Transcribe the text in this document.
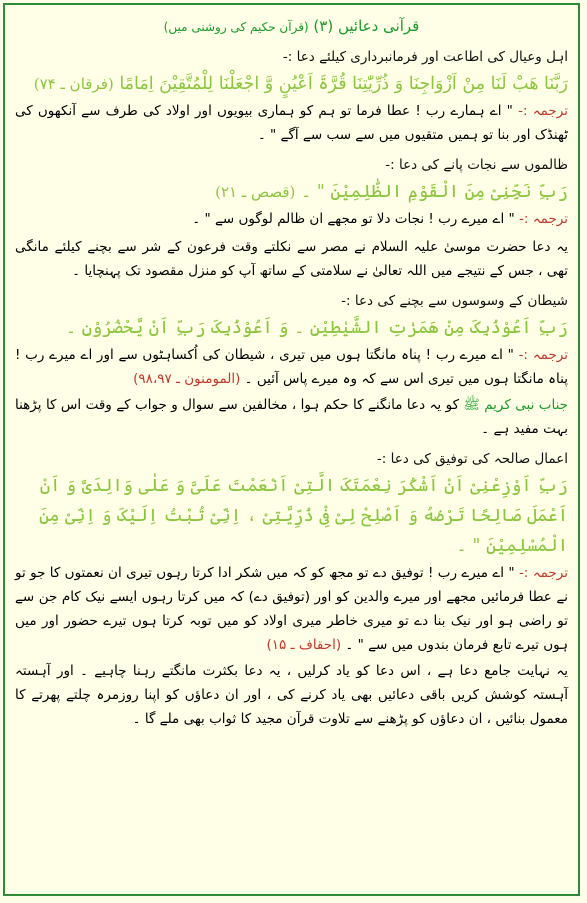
قرآنی دعائیں (۳) (قرآن حکیم کی روشنی میں)
اہل وعیال کی اطاعت اور فرمانبرداری کیلئے دعا :-
رَبَّنَا هَبْ لَنَا مِنْ اَزْوَاجِنَا وَ ذُرِّیّٰتِنَا قُرَّۃَ اَعْیُنٍ وَّ اجْعَلْنَا لِلْمُتَّقِیْنَ اِمَامًا (فرقان ـ ۷۴)
ترجمہ :- " اے ہمارے رب ! عطا فرما تو ہم کو ہماری بیویوں اور اولاد کی طرف سے آنکھوں کی ٹھنڈک اور بنا تو ہمیں متقیوں میں سے سب سے آگے " ۔
ظالموں سے نجات پانے کی دعا :-
رَبِّ نَجِّنِیْ مِنَ الْقَوْمِ الظّٰلِمِیْنَ " ۔ (قصص ـ ۲۱)
ترجمہ :- " اے میرے رب ! نجات دلا تو مجھے ان ظالم لوگوں سے " ۔
یہ دعا حضرت موسیٰ علیہ السلام نے مصر سے نکلتے وقت فرعون کے شر سے بچنے کیلئے مانگی تھی ، جس کے نتیجے میں اللہ تعالیٰ نے سلامتی کے ساتھ آپ کو منزل مقصود تک پہنچایا ۔
شیطان کے وسوسوں سے بچنے کی دعا :-
رَبِّ اَعُوْذُبِکَ مِنْ هَمَزٰتِ الشَّیٰطِیْنِ ۔ وَ اَعُوْذُبِکَ رَبِّ اَنْ یَّحْضُرُوْنِ ۔
ترجمہ :- " اے میرے رب ! پناہ مانگتا ہوں میں تیری ، شیطان کی اُکساہٹوں سے اور اے میرے رب ! پناہ مانگتا ہوں میں تیری اس سے کہ وہ میرے پاس آئیں ۔ (المومنون ـ ۹۸،۹۷)
جناب نبی کریم ﷺ کو یہ دعا مانگنے کا حکم ہوا ، مخالفین سے سوال و جواب کے وقت اس کا پڑھنا بہت مفید ہے ۔
اعمال صالحہ کی توفیق کی دعا :-
رَبِّ اَوْزِعْنِیْ اَنْ اَشْکُرَ نِعْمَتَکَ الَّتِیْ اَنْعَمْتَ عَلَیَّ وَ عَلٰی وَالِدَیَّ وَ اَنْ اَعْمَلَ صَالِحًا تَرْضٰهُ وَ اَصْلِحْ لِیْ فِیْ ذُرِّیَّتِیْ ، اِنِّیْ تُبْتُ اِلَیْکَ وَ اِنِّیْ مِنَ الْمُسْلِمِیْنَ " ۔
ترجمہ :- " اے میرے رب ! توفیق دے تو مجھ کو کہ میں شکر ادا کرتا رہوں تیری ان نعمتوں کا جو تو نے عطا فرمائیں مجھے اور میرے والدین کو اور (توفیق دے) کہ میں کرتا رہوں ایسے نیک کام جن سے تو راضی ہو اور نیک بنا دے تو میری خاطر میری اولاد کو میں توبہ کرتا ہوں تیرے حضور اور میں ہوں تیرے تابع فرمان بندوں میں سے " ۔ (احقاف ـ ۱۵)
یہ نہایت جامع دعا ہے ، اس دعا کو یاد کرلیں ، یہ دعا بکثرت مانگتے رہنا چاہیے ۔ اور آہستہ آہستہ کوشش کریں باقی دعائیں بھی یاد کرنے کی ، اور ان دعاؤں کو اپنا روزمرہ چلتے پھرتے کا معمول بنائیں ، ان دعاؤں کو پڑھنے سے تلاوت قرآن مجید کا ثواب بھی ملے گا ۔
